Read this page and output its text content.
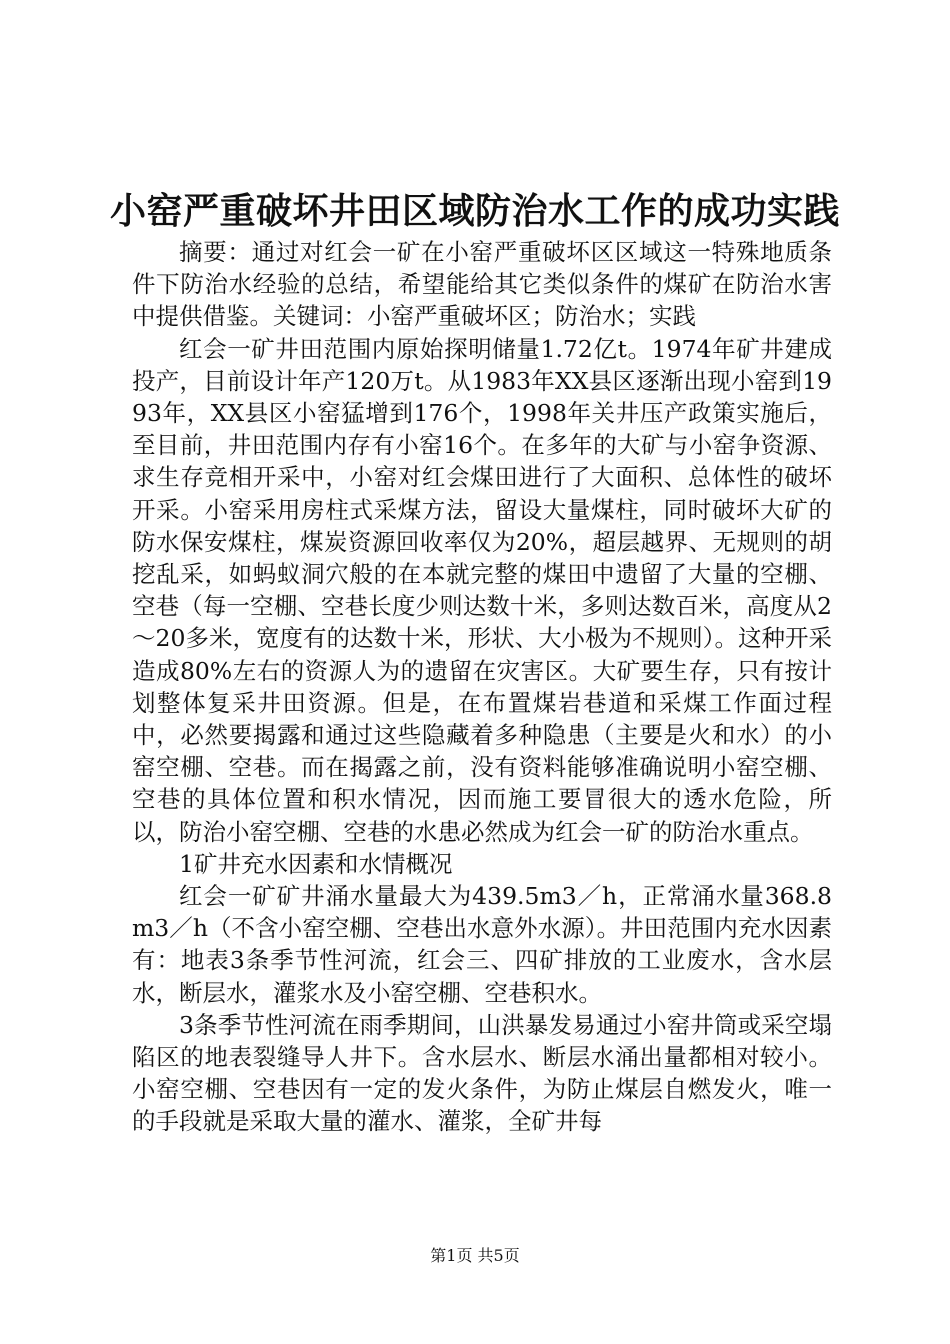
小窑严重破坏井田区域防治水工作的成功实践

摘要：通过对红会一矿在小窑严重破坏区区域这一特殊地质条件下防治水经验的总结，希望能给其它类似条件的煤矿在防治水害中提供借鉴。关键词：小窑严重破坏区；防治水；实践

红会一矿井田范围内原始探明储量1.72亿t。1974年矿井建成投产，目前设计年产120万t。从1983年XX县区逐渐出现小窑到1993年，XX县区小窑猛增到176个，1998年关井压产政策实施后，至目前，井田范围内存有小窑16个。在多年的大矿与小窑争资源、求生存竞相开采中，小窑对红会煤田进行了大面积、总体性的破坏开采。小窑采用房柱式采煤方法，留设大量煤柱，同时破坏大矿的防水保安煤柱，煤炭资源回收率仅为20%，超层越界、无规则的胡挖乱采，如蚂蚁洞穴般的在本就完整的煤田中遗留了大量的空棚、空巷（每一空棚、空巷长度少则达数十米，多则达数百米，高度从2～20多米，宽度有的达数十米，形状、大小极为不规则）。这种开采造成80%左右的资源人为的遗留在灾害区。大矿要生存，只有按计划整体复采井田资源。但是，在布置煤岩巷道和采煤工作面过程中，必然要揭露和通过这些隐藏着多种隐患（主要是火和水）的小窑空棚、空巷。而在揭露之前，没有资料能够准确说明小窑空棚、空巷的具体位置和积水情况，因而施工要冒很大的透水危险，所以，防治小窑空棚、空巷的水患必然成为红会一矿的防治水重点。

1矿井充水因素和水情概况

红会一矿矿井涌水量最大为439.5m3／h，正常涌水量368.8m3／h（不含小窑空棚、空巷出水意外水源）。井田范围内充水因素有：地表3条季节性河流，红会三、四矿排放的工业废水，含水层水，断层水，灌浆水及小窑空棚、空巷积水。

3条季节性河流在雨季期间，山洪暴发易通过小窑井筒或采空塌陷区的地表裂缝导人井下。含水层水、断层水涌出量都相对较小。小窑空棚、空巷因有一定的发火条件，为防止煤层自燃发火，唯一的手段就是采取大量的灌水、灌浆，全矿井每

第1页 共5页
